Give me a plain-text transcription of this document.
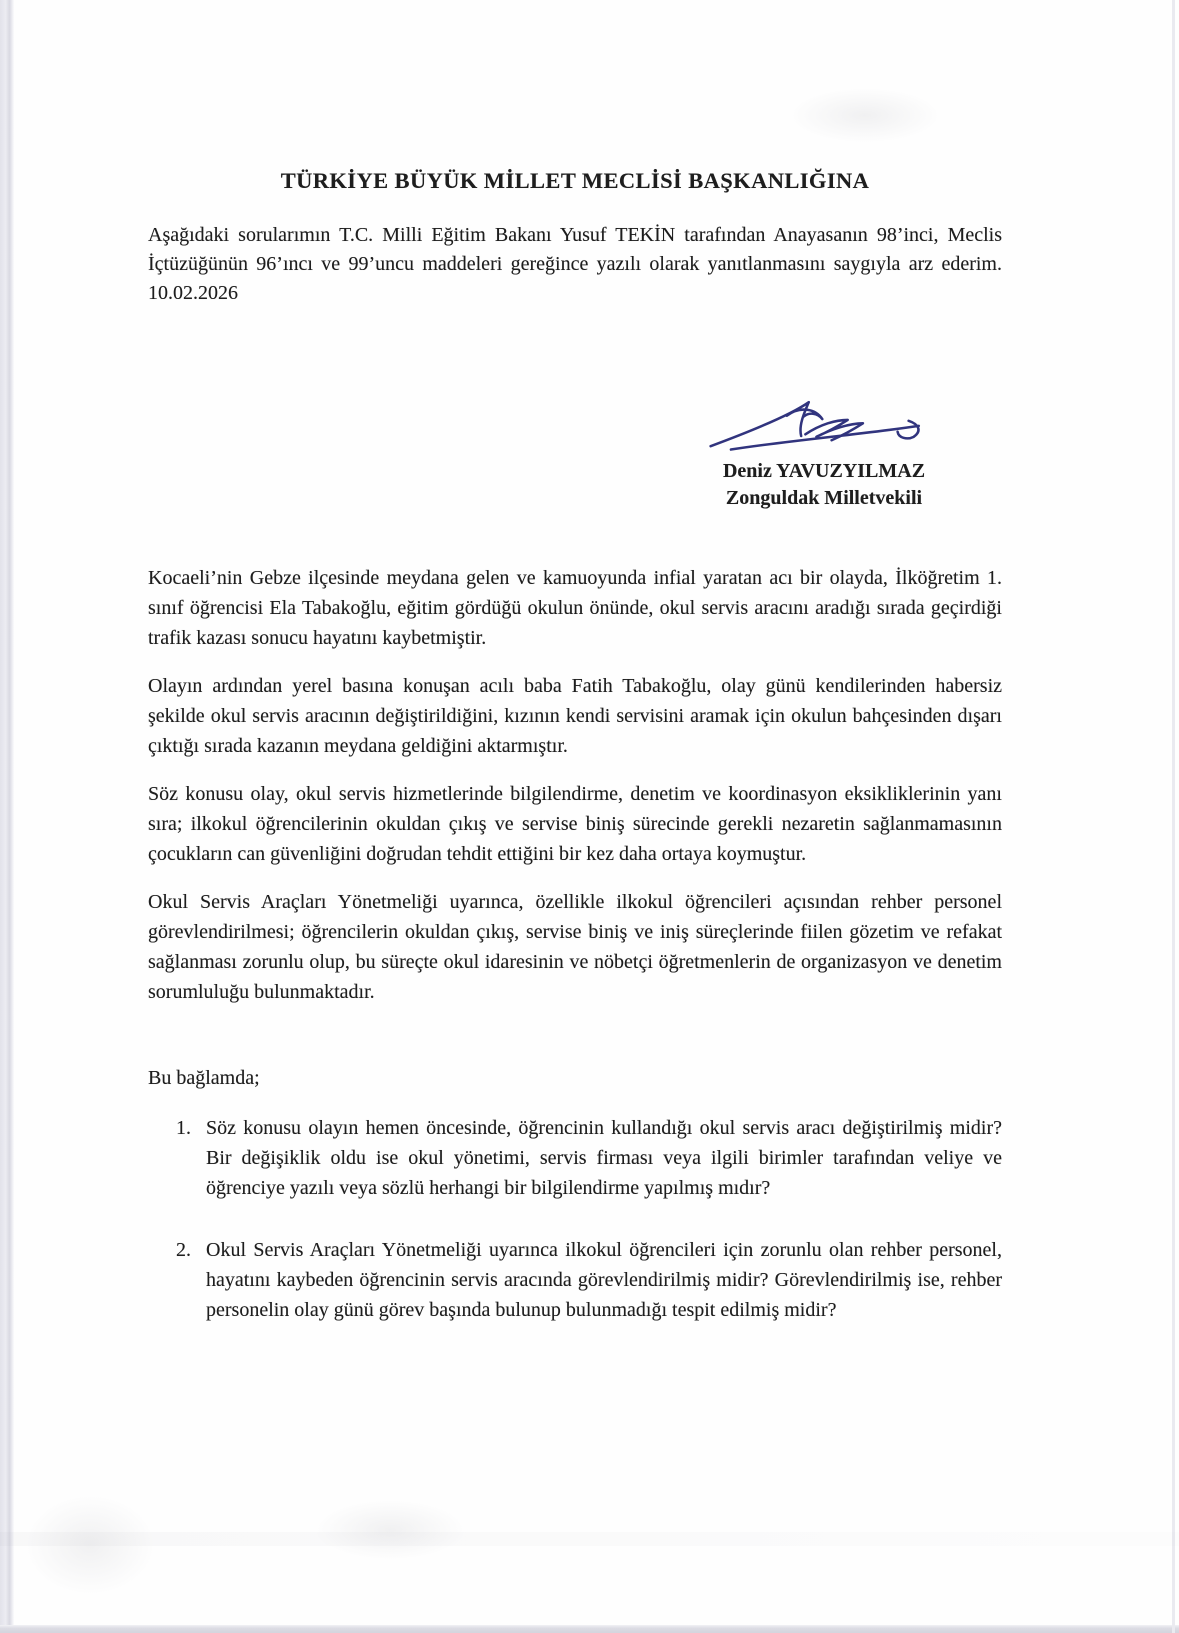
TÜRKİYE BÜYÜK MİLLET MECLİSİ BAŞKANLIĞINA

Aşağıdaki sorularımın T.C. Milli Eğitim Bakanı Yusuf TEKİN tarafından Anayasanın 98’inci, Meclis İçtüzüğünün 96’ıncı ve 99’uncu maddeleri gereğince yazılı olarak yanıtlanmasını saygıyla arz ederim. 10.02.2026

Deniz YAVUZYILMAZ
Zonguldak Milletvekili

Kocaeli’nin Gebze ilçesinde meydana gelen ve kamuoyunda infial yaratan acı bir olayda, İlköğretim 1. sınıf öğrencisi Ela Tabakoğlu, eğitim gördüğü okulun önünde, okul servis aracını aradığı sırada geçirdiği trafik kazası sonucu hayatını kaybetmiştir.

Olayın ardından yerel basına konuşan acılı baba Fatih Tabakoğlu, olay günü kendilerinden habersiz şekilde okul servis aracının değiştirildiğini, kızının kendi servisini aramak için okulun bahçesinden dışarı çıktığı sırada kazanın meydana geldiğini aktarmıştır.

Söz konusu olay, okul servis hizmetlerinde bilgilendirme, denetim ve koordinasyon eksikliklerinin yanı sıra; ilkokul öğrencilerinin okuldan çıkış ve servise biniş sürecinde gerekli nezaretin sağlanmamasının çocukların can güvenliğini doğrudan tehdit ettiğini bir kez daha ortaya koymuştur.

Okul Servis Araçları Yönetmeliği uyarınca, özellikle ilkokul öğrencileri açısından rehber personel görevlendirilmesi; öğrencilerin okuldan çıkış, servise biniş ve iniş süreçlerinde fiilen gözetim ve refakat sağlanması zorunlu olup, bu süreçte okul idaresinin ve nöbetçi öğretmenlerin de organizasyon ve denetim sorumluluğu bulunmaktadır.

Bu bağlamda;

1. Söz konusu olayın hemen öncesinde, öğrencinin kullandığı okul servis aracı değiştirilmiş midir? Bir değişiklik oldu ise okul yönetimi, servis firması veya ilgili birimler tarafından veliye ve öğrenciye yazılı veya sözlü herhangi bir bilgilendirme yapılmış mıdır?
2. Okul Servis Araçları Yönetmeliği uyarınca ilkokul öğrencileri için zorunlu olan rehber personel, hayatını kaybeden öğrencinin servis aracında görevlendirilmiş midir? Görevlendirilmiş ise, rehber personelin olay günü görev başında bulunup bulunmadığı tespit edilmiş midir?
